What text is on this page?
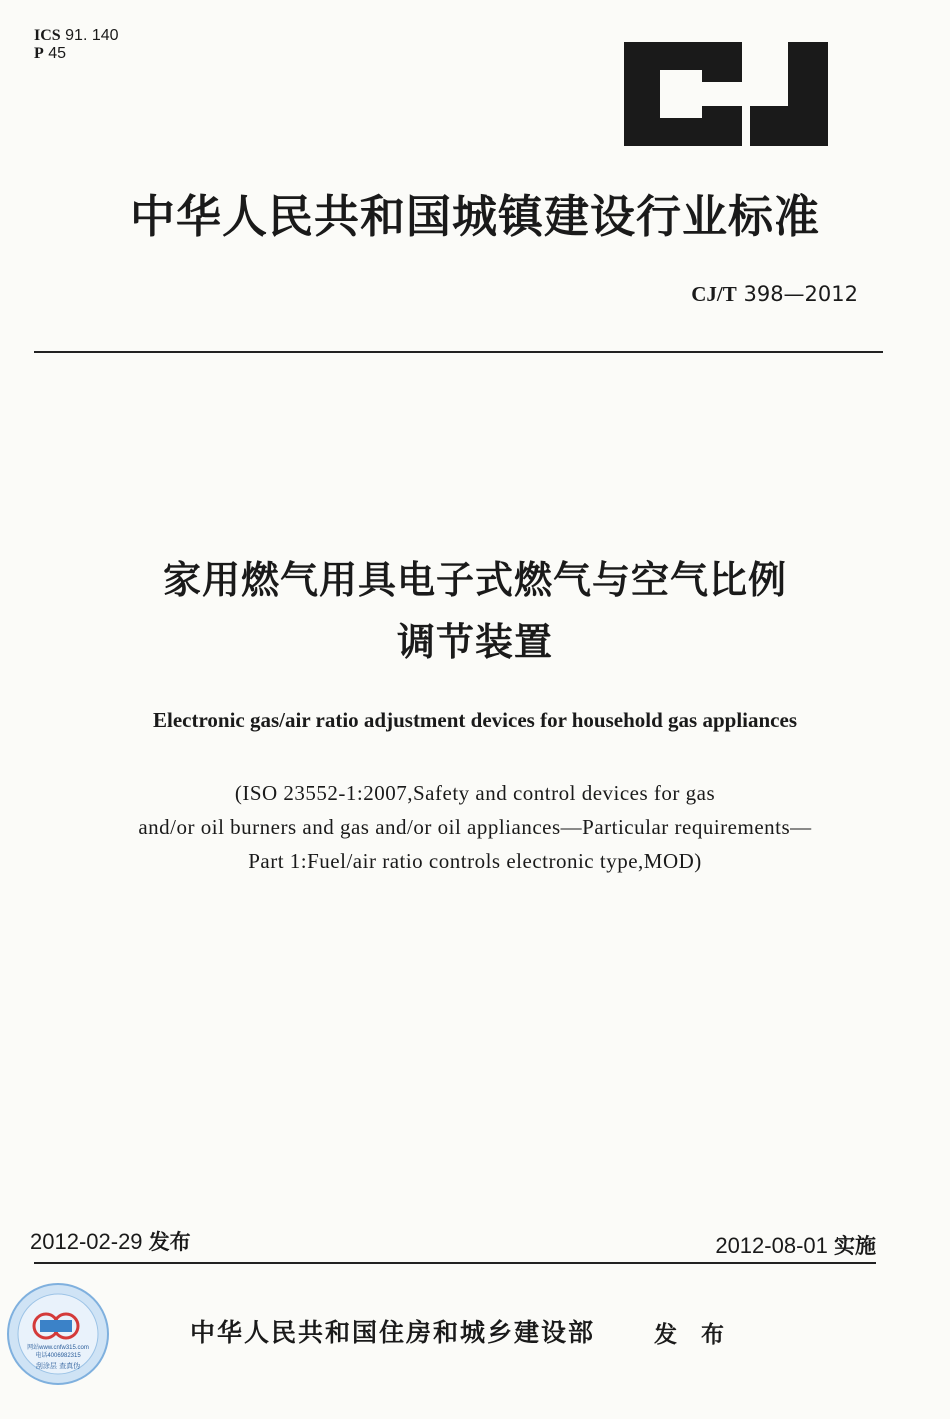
ICS 91. 140
P 45
中华人民共和国城镇建设行业标准
CJ/T 398—2012
家用燃气用具电子式燃气与空气比例
调节装置
Electronic gas/air ratio adjustment devices for household gas appliances
(ISO 23552-1:2007,Safety and control devices for gas
and/or oil burners and gas and/or oil appliances—Particular requirements—
Part 1:Fuel/air ratio controls electronic type,MOD)
2012-02-29 发布	2012-08-01 实施
网站www.cnfw315.com
电话4006982315
刮涂层 查真伪
中华人民共和国住房和城乡建设部	发 布
